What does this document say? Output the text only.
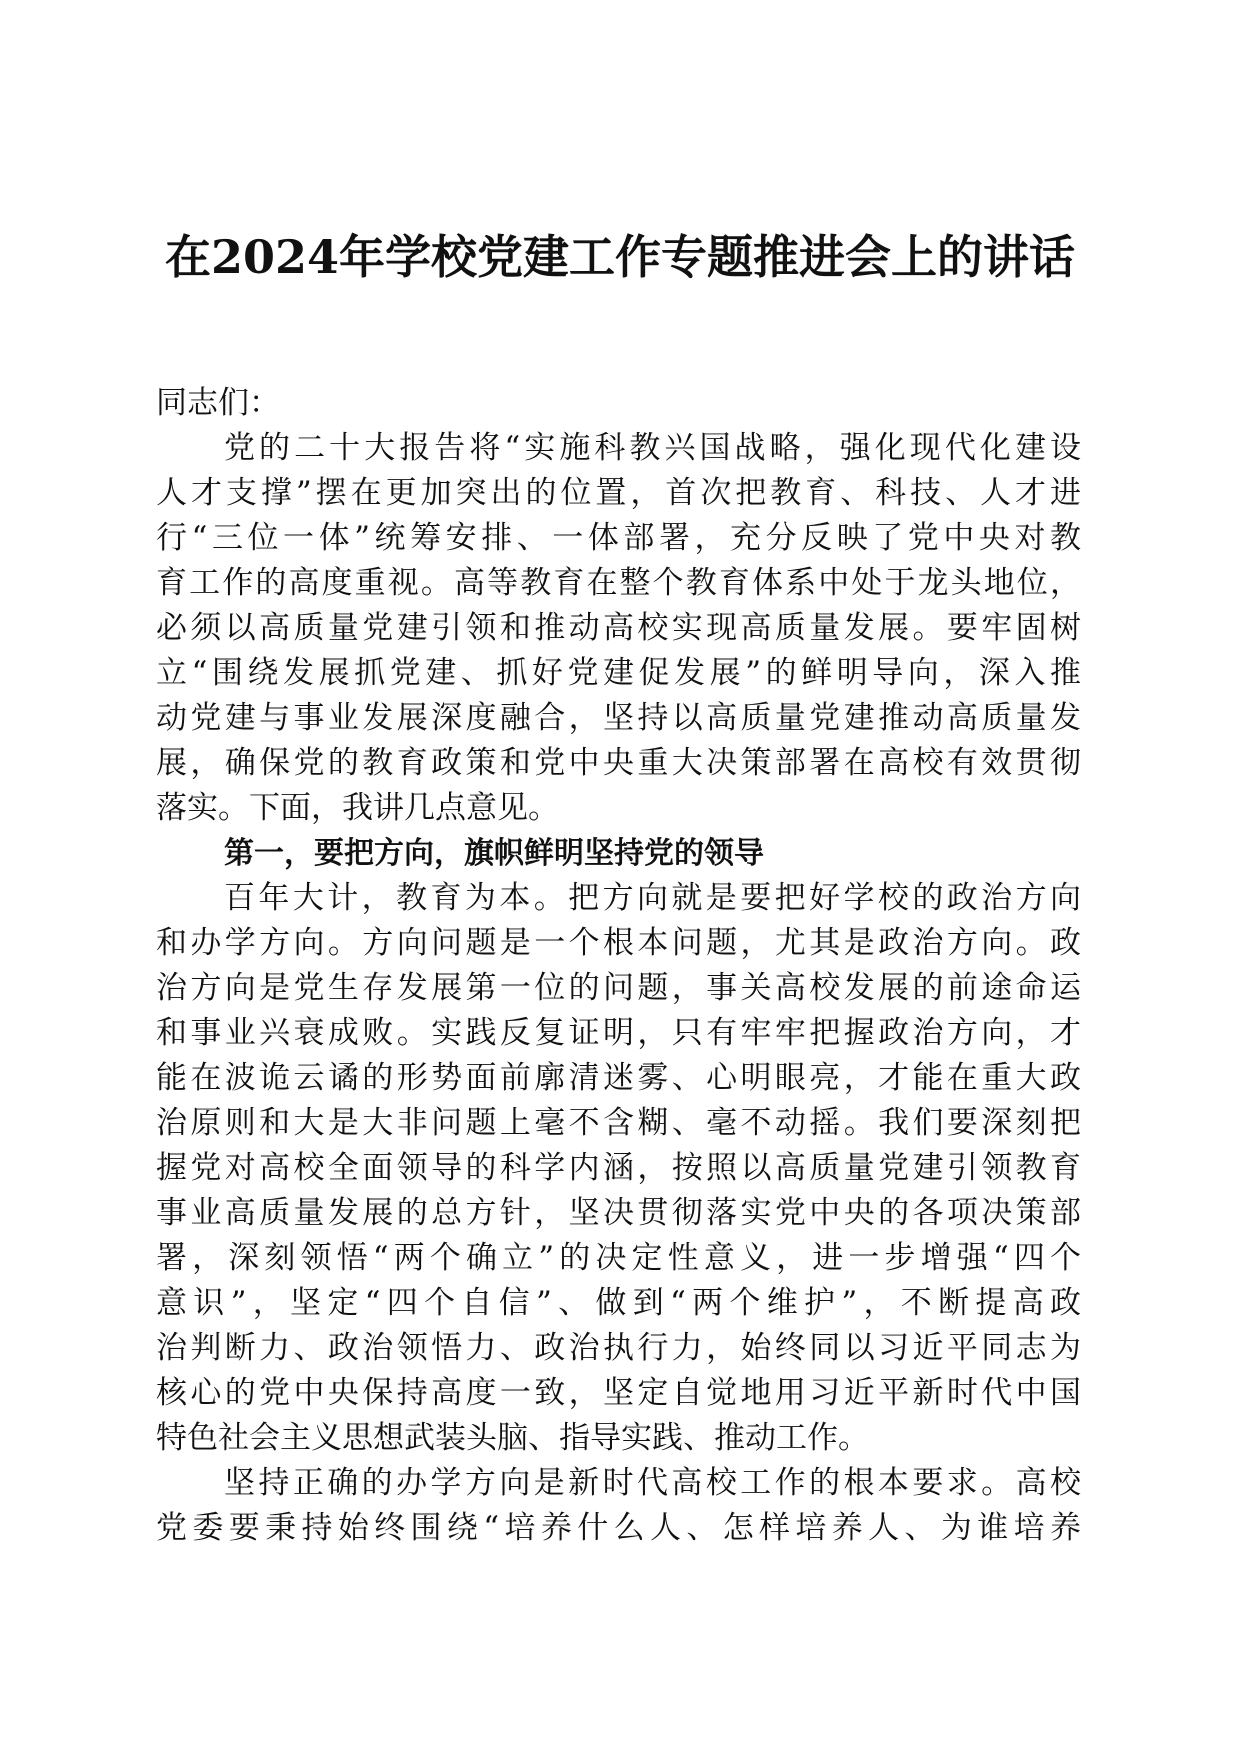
在2024年学校党建工作专题推进会上的讲话
同志们：
党的二十大报告将“实施科教兴国战略，强化现代化建设
人才支撑”摆在更加突出的位置，首次把教育、科技、人才进
行“三位一体”统筹安排、一体部署，充分反映了党中央对教
育工作的高度重视。高等教育在整个教育体系中处于龙头地位，
必须以高质量党建引领和推动高校实现高质量发展。要牢固树
立“围绕发展抓党建、抓好党建促发展”的鲜明导向，深入推
动党建与事业发展深度融合，坚持以高质量党建推动高质量发
展，确保党的教育政策和党中央重大决策部署在高校有效贯彻
落实。下面，我讲几点意见。
第一，要把方向，旗帜鲜明坚持党的领导
百年大计，教育为本。把方向就是要把好学校的政治方向
和办学方向。方向问题是一个根本问题，尤其是政治方向。政
治方向是党生存发展第一位的问题，事关高校发展的前途命运
和事业兴衰成败。实践反复证明，只有牢牢把握政治方向，才
能在波诡云谲的形势面前廓清迷雾、心明眼亮，才能在重大政
治原则和大是大非问题上毫不含糊、毫不动摇。我们要深刻把
握党对高校全面领导的科学内涵，按照以高质量党建引领教育
事业高质量发展的总方针，坚决贯彻落实党中央的各项决策部
署，深刻领悟“两个确立”的决定性意义，进一步增强“四个
意识”，坚定“四个自信”、做到“两个维护”，不断提高政
治判断力、政治领悟力、政治执行力，始终同以习近平同志为
核心的党中央保持高度一致，坚定自觉地用习近平新时代中国
特色社会主义思想武装头脑、指导实践、推动工作。
坚持正确的办学方向是新时代高校工作的根本要求。高校
党委要秉持始终围绕“培养什么人、怎样培养人、为谁培养
